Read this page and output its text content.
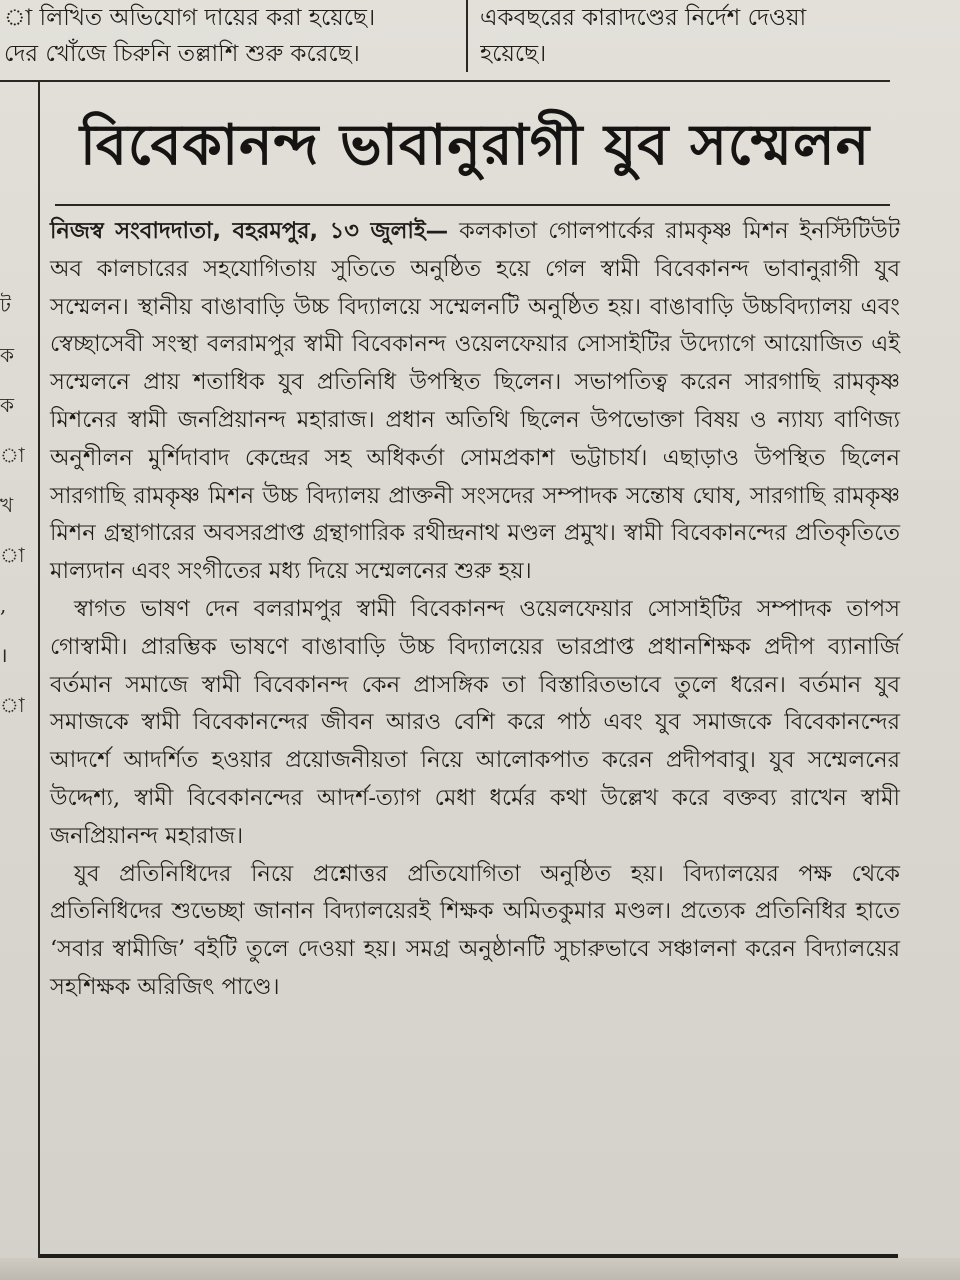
া লিখিত অভিযোগ দায়ের করা হয়েছে।
দের খোঁজে চিরুনি তল্লাশি শুরু করেছে।
একবছরের কারাদণ্ডের নির্দেশ দেওয়া
হয়েছে।
ট
ক
ক
া
খ
া
,
।
া
বিবেকানন্দ ভাবানুরাগী যুব সম্মেলন

নিজস্ব সংবাদদাতা, বহরমপুর, ১৩ জুলাই— কলকাতা গোলপার্কের রামকৃষ্ণ মিশন ইনস্টিটিউট অব কালচারের সহযোগিতায় সুতিতে অনুষ্ঠিত হয়ে গেল স্বামী বিবেকানন্দ ভাবানুরাগী যুব সম্মেলন। স্থানীয় বাঙাবাড়ি উচ্চ বিদ্যালয়ে সম্মেলনটি অনুষ্ঠিত হয়। বাঙাবাড়ি উচ্চবিদ্যালয় এবং স্বেচ্ছাসেবী সংস্থা বলরামপুর স্বামী বিবেকানন্দ ওয়েলফেয়ার সোসাইটির উদ্যোগে আয়োজিত এই সম্মেলনে প্রায় শতাধিক যুব প্রতিনিধি উপস্থিত ছিলেন। সভাপতিত্ব করেন সারগাছি রামকৃষ্ণ মিশনের স্বামী জনপ্রিয়ানন্দ মহারাজ। প্রধান অতিথি ছিলেন উপভোক্তা বিষয় ও ন্যায্য বাণিজ্য অনুশীলন মুর্শিদাবাদ কেন্দ্রের সহ অধিকর্তা সোমপ্রকাশ ভট্টাচার্য। এছাড়াও উপস্থিত ছিলেন সারগাছি রামকৃষ্ণ মিশন উচ্চ বিদ্যালয় প্রাক্তনী সংসদের সম্পাদক সন্তোষ ঘোষ, সারগাছি রামকৃষ্ণ মিশন গ্রন্থাগারের অবসরপ্রাপ্ত গ্রন্থাগারিক রথীন্দ্রনাথ মণ্ডল প্রমুখ। স্বামী বিবেকানন্দের প্রতিকৃতিতে মাল্যদান এবং সংগীতের মধ্য দিয়ে সম্মেলনের শুরু হয়।

স্বাগত ভাষণ দেন বলরামপুর স্বামী বিবেকানন্দ ওয়েলফেয়ার সোসাইটির সম্পাদক তাপস গোস্বামী। প্রারম্ভিক ভাষণে বাঙাবাড়ি উচ্চ বিদ্যালয়ের ভারপ্রাপ্ত প্রধানশিক্ষক প্রদীপ ব্যানার্জি বর্তমান সমাজে স্বামী বিবেকানন্দ কেন প্রাসঙ্গিক তা বিস্তারিতভাবে তুলে ধরেন। বর্তমান যুব সমাজকে স্বামী বিবেকানন্দের জীবন আরও বেশি করে পাঠ এবং যুব সমাজকে বিবেকানন্দের আদর্শে আদর্শিত হওয়ার প্রয়োজনীয়তা নিয়ে আলোকপাত করেন প্রদীপবাবু। যুব সম্মেলনের উদ্দেশ্য, স্বামী বিবেকানন্দের আদর্শ-ত্যাগ মেধা ধর্মের কথা উল্লেখ করে বক্তব্য রাখেন স্বামী জনপ্রিয়ানন্দ মহারাজ।

যুব প্রতিনিধিদের নিয়ে প্রশ্নোত্তর প্রতিযোগিতা অনুষ্ঠিত হয়। বিদ্যালয়ের পক্ষ থেকে প্রতিনিধিদের শুভেচ্ছা জানান বিদ্যালয়েরই শিক্ষক অমিতকুমার মণ্ডল। প্রত্যেক প্রতিনিধির হাতে ‘সবার স্বামীজি’ বইটি তুলে দেওয়া হয়। সমগ্র অনুষ্ঠানটি সুচারুভাবে সঞ্চালনা করেন বিদ্যালয়ের সহশিক্ষক অরিজিৎ পাণ্ডে।
